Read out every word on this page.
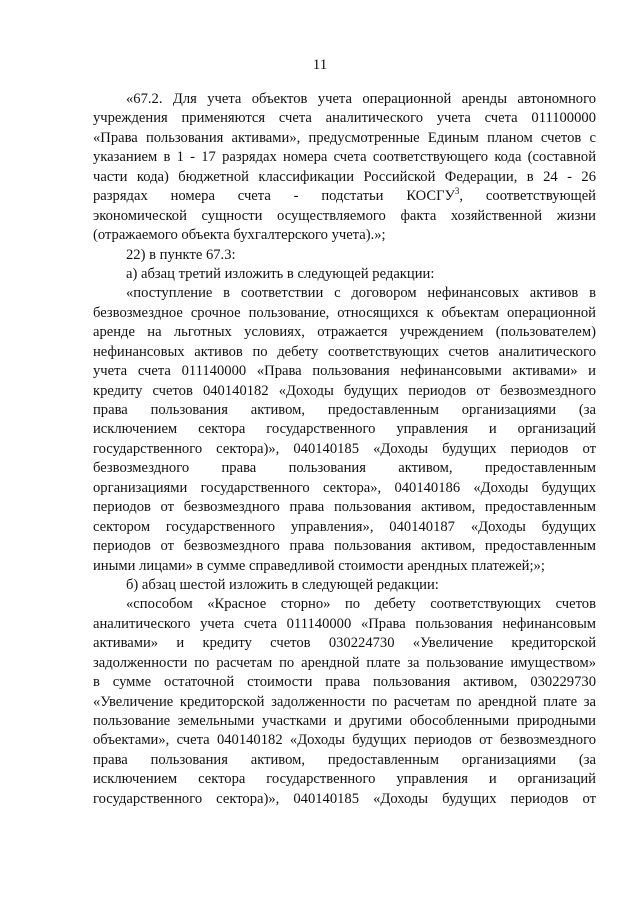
11
«67.2. Для учета объектов учета операционной аренды автономного
учреждения применяются счета аналитического учета счета 011100000
«Права пользования активами», предусмотренные Единым планом счетов с
указанием в 1 - 17 разрядах номера счета соответствующего кода (составной
части кода) бюджетной классификации Российской Федерации, в 24 - 26
разрядах номера счета - подстатьи КОСГУ$^3$, соответствующей
экономической сущности осуществляемого факта хозяйственной жизни
(отражаемого объекта бухгалтерского учета).»;
22) в пункте 67.3:
а) абзац третий изложить в следующей редакции:
«поступление в соответствии с договором нефинансовых активов в
безвозмездное срочное пользование, относящихся к объектам операционной
аренде на льготных условиях, отражается учреждением (пользователем)
нефинансовых активов по дебету соответствующих счетов аналитического
учета счета 011140000 «Права пользования нефинансовыми активами» и
кредиту счетов 040140182 «Доходы будущих периодов от безвозмездного
права пользования активом, предоставленным организациями (за
исключением сектора государственного управления и организаций
государственного сектора)», 040140185 «Доходы будущих периодов от
безвозмездного права пользования активом, предоставленным
организациями государственного сектора», 040140186 «Доходы будущих
периодов от безвозмездного права пользования активом, предоставленным
сектором государственного управления», 040140187 «Доходы будущих
периодов от безвозмездного права пользования активом, предоставленным
иными лицами» в сумме справедливой стоимости арендных платежей;»;
б) абзац шестой изложить в следующей редакции:
«способом «Красное сторно» по дебету соответствующих счетов
аналитического учета счета 011140000 «Права пользования нефинансовым
активами» и кредиту счетов 030224730 «Увеличение кредиторской
задолженности по расчетам по арендной плате за пользование имуществом»
в сумме остаточной стоимости права пользования активом, 030229730
«Увеличение кредиторской задолженности по расчетам по арендной плате за
пользование земельными участками и другими обособленными природными
объектами», счета 040140182 «Доходы будущих периодов от безвозмездного
права пользования активом, предоставленным организациями (за
исключением сектора государственного управления и организаций
государственного сектора)», 040140185 «Доходы будущих периодов от
